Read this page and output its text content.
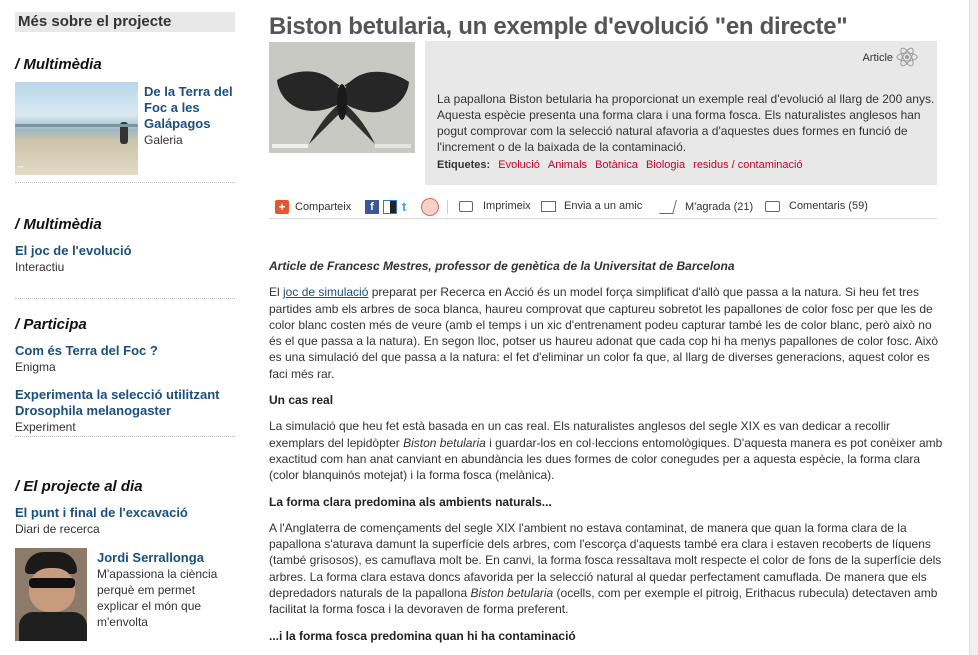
Més sobre el projecte
/ Multimèdia
▪▪▪▪
De la Terra del Foc a les Galápagos
Galeria
/ Multimèdia
El joc de l'evolució
Interactiu
/ Participa
Com és Terra del Foc ?
Enigma
Experimenta la selecció utilitzant Drosophila melanogaster
Experiment
/ El projecte al dia
El punt i final de l'excavació
Diari de recerca
Jordi Serrallonga
M'apassiona la ciència perquè em permet explicar el món que m'envolta
Biston betularia, un exemple d'evolució "en directe"
Article

La papallona Biston betularia ha proporcionat un exemple real d'evolució al llarg de 200 anys. Aquesta espècie presenta una forma clara i una forma fosca. Els naturalistes anglesos han pogut comprovar com la selecció natural afavoria a d'aquestes dues formes en funció de l'increment o de la baixada de la contaminació.

Etiquetes: Evolució Animals Botànica Biologia residus / contaminació
+ Comparteix	f	t	Imprimeix	Envia a un amic	M'agrada (21)	Comentaris (59)

Article de Francesc Mestres, professor de genètica de la Universitat de Barcelona

El joc de simulació preparat per Recerca en Acció és un model força simplificat d'allò que passa a la natura. Si heu fet tres partides amb els arbres de soca blanca, haureu comprovat que captureu sobretot les papallones de color fosc per que les de color blanc costen més de veure (amb el temps i un xic d'entrenament podeu capturar també les de color blanc, però això no és el que passa a la natura). En segon lloc, potser us haureu adonat que cada cop hi ha menys papallones de color fosc. Això es una simulació del que passa a la natura: el fet d'eliminar un color fa que, al llarg de diverses generacions, aquest color es faci més rar.

Un cas real

La simulació que heu fet està basada en un cas real. Els naturalistes anglesos del segle XIX es van dedicar a recollir exemplars del lepidòpter Biston betularia i guardar-los en col·leccions entomològiques. D'aquesta manera es pot conèixer amb exactitud com han anat canviant en abundància les dues formes de color conegudes per a aquesta espècie, la forma clara (color blanquinós motejat) i la forma fosca (melànica).

La forma clara predomina als ambients naturals...

A l'Anglaterra de començaments del segle XIX l'ambient no estava contaminat, de manera que quan la forma clara de la papallona s'aturava damunt la superfície dels arbres, com l'escorça d'aquests també era clara i estaven recoberts de líquens (també grisosos), es camuflava molt be. En canvi, la forma fosca ressaltava molt respecte el color de fons de la superfície dels arbres. La forma clara estava doncs afavorida per la selecció natural al quedar perfectament camuflada. De manera que els depredadors naturals de la papallona Biston betularia (ocells, com per exemple el pitroig, Erithacus rubecula) detectaven amb facilitat la forma fosca i la devoraven de forma preferent.

...i la forma fosca predomina quan hi ha contaminació
